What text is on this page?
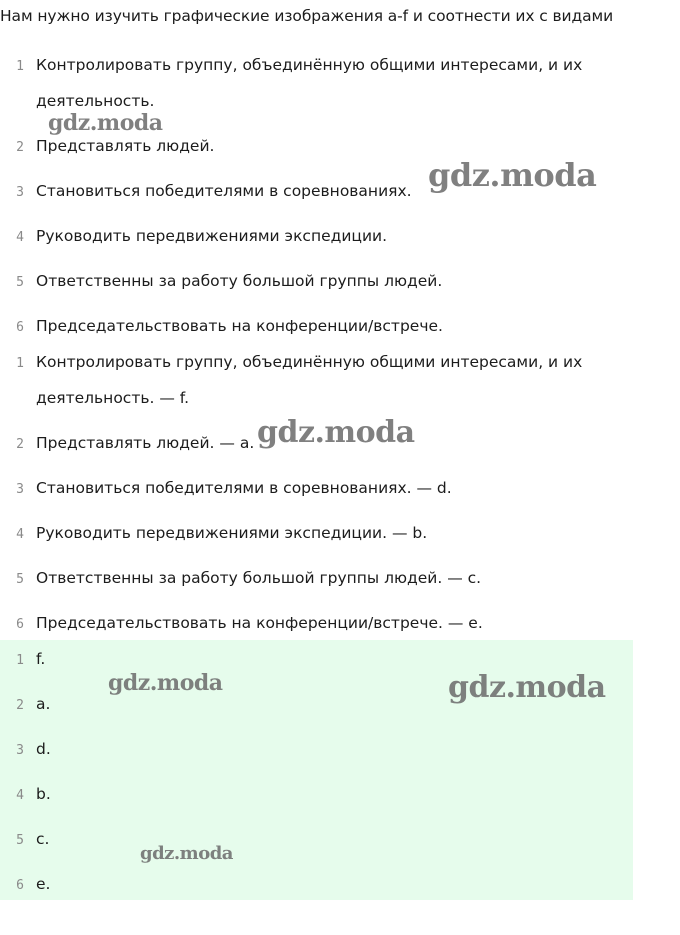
Нам нужно изучить графические изображения a-f и соотнести их с видами
1 Контролировать группу, объединённую общими интересами, и их деятельность.
2 Представлять людей.
3 Становиться победителями в соревнованиях.
4 Руководить передвижениями экспедиции.
5 Ответственны за работу большой группы людей.
6 Председательствовать на конференции/встрече.
1 Контролировать группу, объединённую общими интересами, и их деятельность. — f.
2 Представлять людей. — a.
3 Становиться победителями в соревнованиях. — d.
4 Руководить передвижениями экспедиции. — b.
5 Ответственны за работу большой группы людей. — c.
6 Председательствовать на конференции/встрече. — e.
1 f.
2 a.
3 d.
4 b.
5 c.
6 e.
gdz.moda
gdz.moda
gdz.moda
gdz.moda	gdz.moda
gdz.moda
